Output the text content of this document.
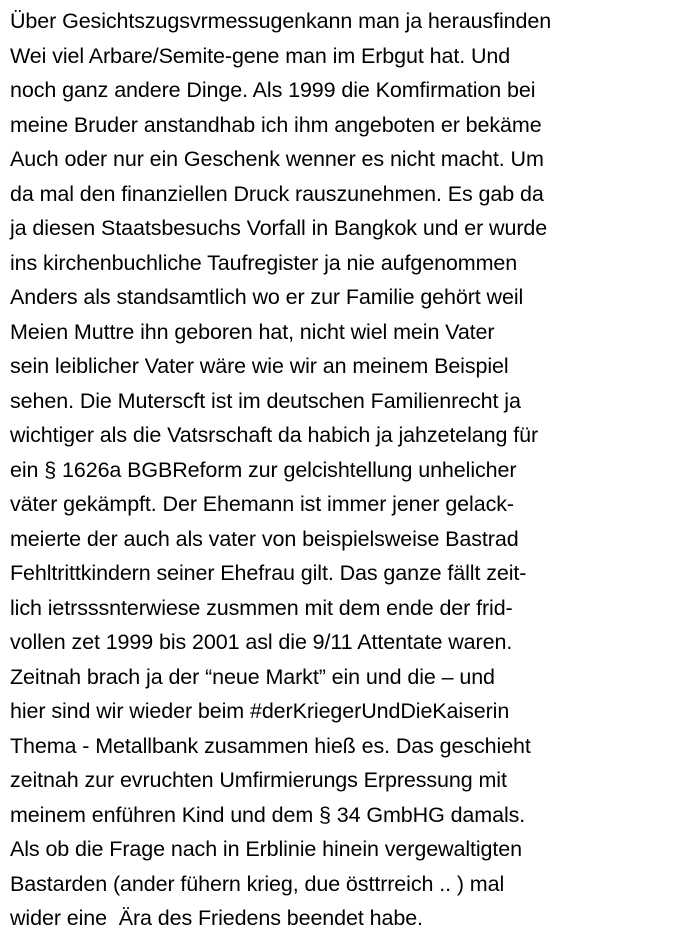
Über Gesichtszugsvrmessugenkann man ja herausfinden
Wei viel Arbare/Semite-gene man im Erbgut hat. Und
noch ganz andere Dinge. Als 1999 die Komfirmation bei
meine Bruder anstandhab ich ihm angeboten er bekäme
Auch oder nur ein Geschenk wenner es nicht macht. Um
da mal den finanziellen Druck rauszunehmen. Es gab da
ja diesen Staatsbesuchs Vorfall in Bangkok und er wurde
ins kirchenbuchliche Taufregister ja nie aufgenommen
Anders als standsamtlich wo er zur Familie gehört weil
Meien Muttre ihn geboren hat, nicht wiel mein Vater
sein leiblicher Vater wäre wie wir an meinem Beispiel
sehen. Die Muterscft ist im deutschen Familienrecht ja
wichtiger als die Vatsrschaft da habich ja jahzetelang für
ein § 1626a BGBReform zur gelcishtellung unhelicher
väter gekämpft. Der Ehemann ist immer jener gelack-
meierte der auch als vater von beispielsweise Bastrad
Fehltrittkindern seiner Ehefrau gilt. Das ganze fällt zeit-
lich ietrsssnterwiese zusmmen mit dem ende der frid-
vollen zet 1999 bis 2001 asl die 9/11 Attentate waren.
Zeitnah brach ja der “neue Markt” ein und die – und
hier sind wir wieder beim #derKriegerUndDieKaiserin
Thema - Metallbank zusammen hieß es. Das geschieht
zeitnah zur evruchten Umfirmierungs Erpressung mit
meinem enführen Kind und dem § 34 GmbHG damals.
Als ob die Frage nach in Erblinie hinein vergewaltigten
Bastarden (ander fühern krieg, due östtrreich .. ) mal
wider eine  Ära des Friedens beendet habe.
